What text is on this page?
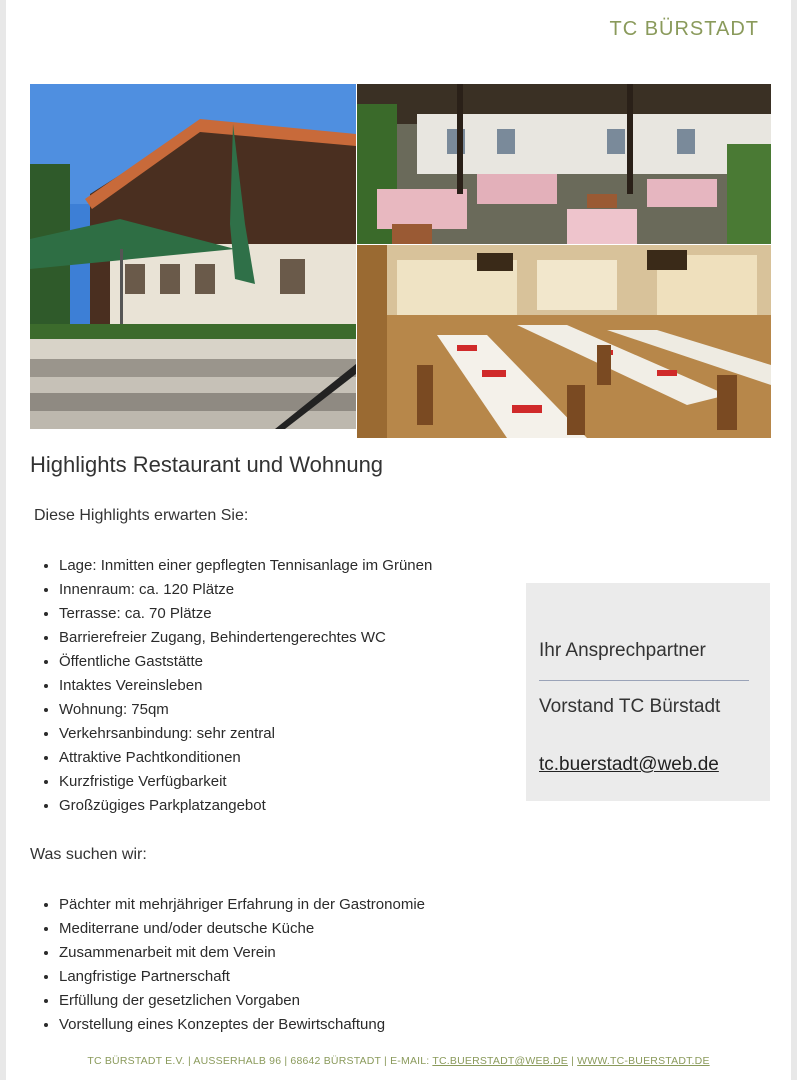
TC BÜRSTADT
Highlights Restaurant und Wohnung
Diese Highlights erwarten Sie:
• Lage: Inmitten einer gepflegten Tennisanlage im Grünen
• Innenraum: ca. 120 Plätze
• Terrasse: ca. 70 Plätze
• Barrierefreier Zugang, Behindertengerechtes WC
• Öffentliche Gaststätte
• Intaktes Vereinsleben
• Wohnung: 75qm
• Verkehrsanbindung: sehr zentral
• Attraktive Pachtkonditionen
• Kurzfristige Verfügbarkeit
• Großzügiges Parkplatzangebot
Was suchen wir:
• Pächter mit mehrjähriger Erfahrung in der Gastronomie
• Mediterrane und/oder deutsche Küche
• Zusammenarbeit mit dem Verein
• Langfristige Partnerschaft
• Erfüllung der gesetzlichen Vorgaben
• Vorstellung eines Konzeptes der Bewirtschaftung
Ihr Ansprechpartner
Vorstand TC Bürstadt
tc.buerstadt@web.de
TC BÜRSTADT E.V. | AUSSERHALB 96 | 68642 BÜRSTADT | E-MAIL: TC.BUERSTADT@WEB.DE | WWW.TC-BUERSTADT.DE
